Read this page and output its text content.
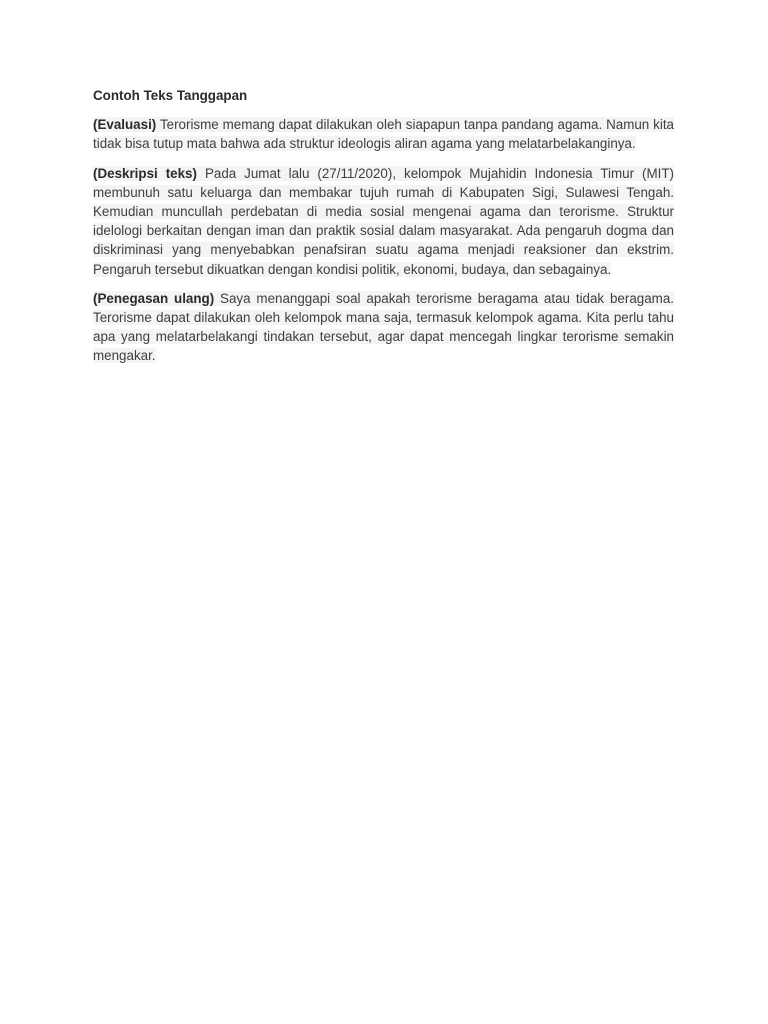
Contoh Teks Tanggapan
(Evaluasi) Terorisme memang dapat dilakukan oleh siapapun tanpa pandang agama. Namun kita tidak bisa tutup mata bahwa ada struktur ideologis aliran agama yang melatarbelakanginya.
(Deskripsi teks) Pada Jumat lalu (27/11/2020), kelompok Mujahidin Indonesia Timur (MIT) membunuh satu keluarga dan membakar tujuh rumah di Kabupaten Sigi, Sulawesi Tengah. Kemudian muncullah perdebatan di media sosial mengenai agama dan terorisme. Struktur idelologi berkaitan dengan iman dan praktik sosial dalam masyarakat. Ada pengaruh dogma dan diskriminasi yang menyebabkan penafsiran suatu agama menjadi reaksioner dan ekstrim. Pengaruh tersebut dikuatkan dengan kondisi politik, ekonomi, budaya, dan sebagainya.
(Penegasan ulang) Saya menanggapi soal apakah terorisme beragama atau tidak beragama. Terorisme dapat dilakukan oleh kelompok mana saja, termasuk kelompok agama. Kita perlu tahu apa yang melatarbelakangi tindakan tersebut, agar dapat mencegah lingkar terorisme semakin mengakar.
